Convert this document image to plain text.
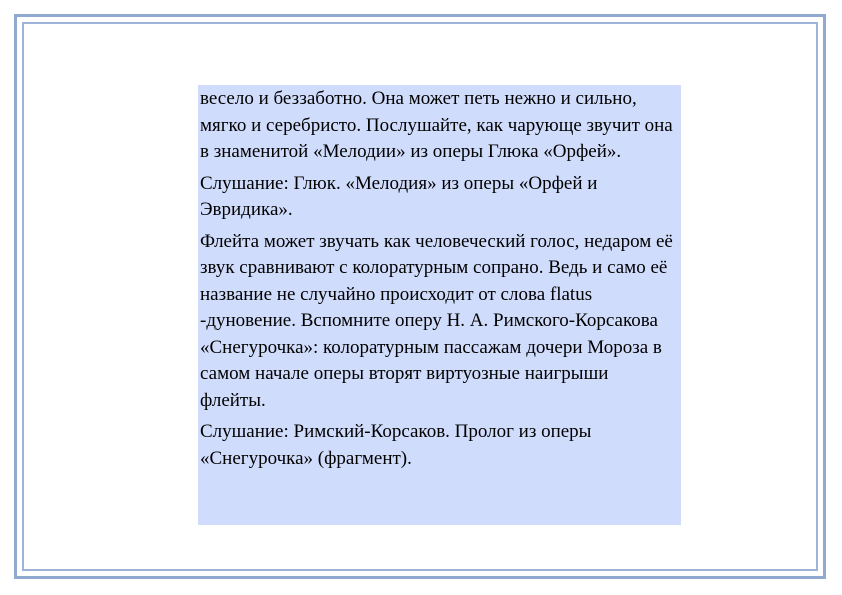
весело и беззаботно. Она может петь нежно и сильно, мягко и серебристо. Послушайте, как чарующе звучит она в знаменитой «Мелодии» из оперы Глюка «Орфей».

Слушание: Глюк. «Мелодия» из оперы «Орфей и Эвридика».

Флейта может звучать как человеческий голос, недаром её звук сравнивают с колоратурным сопрано. Ведь и само её название не случайно происходит от слова flatus -дуновение. Вспомните оперу Н. А. Римского-Корсакова «Снегурочка»: колоратурным пассажам дочери Мороза в самом начале оперы вторят виртуозные наигрыши флейты.

Слушание: Римский-Корсаков. Пролог из оперы «Снегурочка» (фрагмент).
